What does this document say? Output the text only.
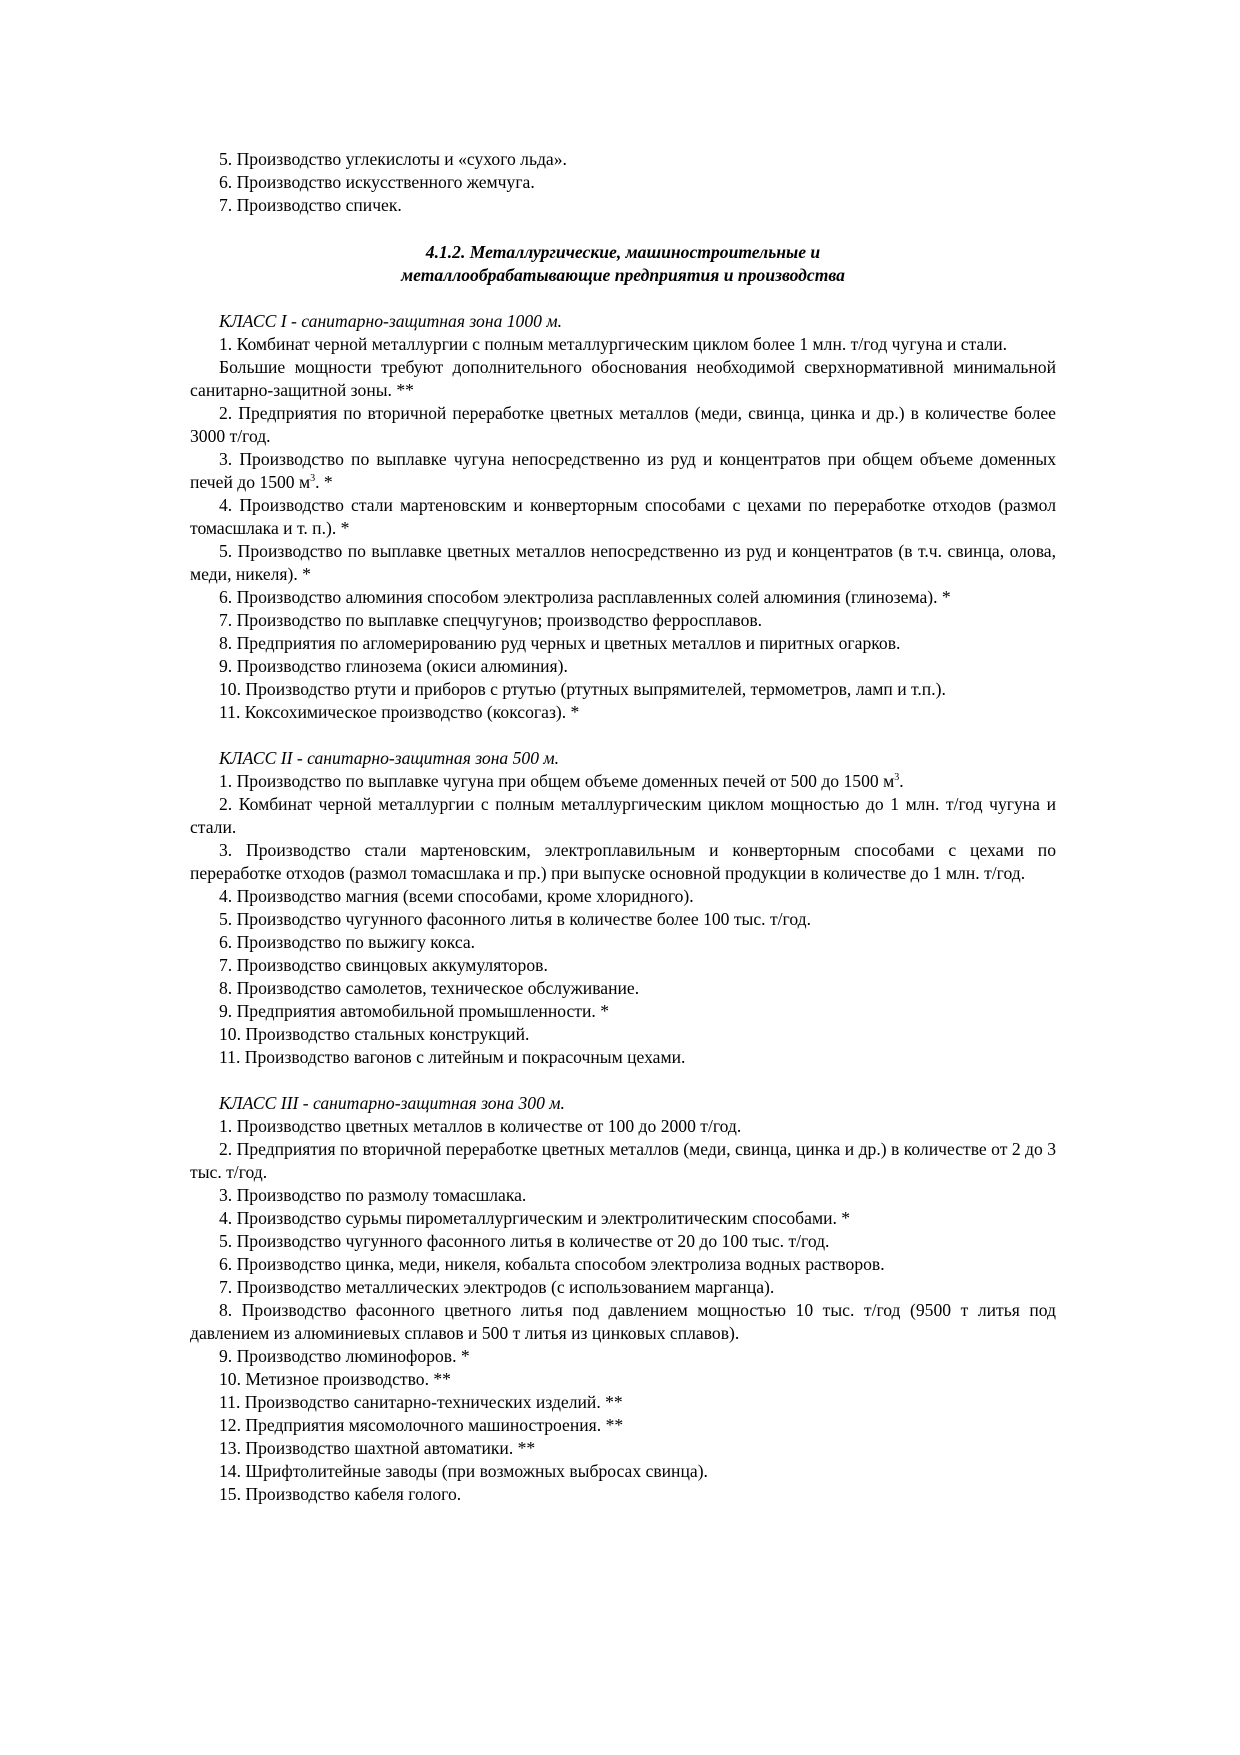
5. Производство углекислоты и «сухого льда».

6. Производство искусственного жемчуга.

7. Производство спичек.

4.1.2. Металлургические, машиностроительные и
металлообрабатывающие предприятия и производства

КЛАСС I - санитарно-защитная зона 1000 м.

1. Комбинат черной металлургии с полным металлургическим циклом более 1 млн. т/год чугуна и стали.

Большие мощности требуют дополнительного обоснования необходимой сверхнормативной минимальной санитарно-защитной зоны. **

2. Предприятия по вторичной переработке цветных металлов (меди, свинца, цинка и др.) в количестве более 3000 т/год.

3. Производство по выплавке чугуна непосредственно из руд и концентратов при общем объеме доменных печей до 1500 $м^3$. *

4. Производство стали мартеновским и конверторным способами с цехами по переработке отходов (размол томасшлака и т. п.). *

5. Производство по выплавке цветных металлов непосредственно из руд и концентратов (в т.ч. свинца, олова, меди, никеля). *

6. Производство алюминия способом электролиза расплавленных солей алюминия (глинозема). *

7. Производство по выплавке спецчугунов; производство ферросплавов.

8. Предприятия по агломерированию руд черных и цветных металлов и пиритных огарков.

9. Производство глинозема (окиси алюминия).

10. Производство ртути и приборов с ртутью (ртутных выпрямителей, термометров, ламп и т.п.).

11. Коксохимическое производство (коксогаз). *

КЛАСС II - санитарно-защитная зона 500 м.

1. Производство по выплавке чугуна при общем объеме доменных печей от 500 до 1500 $м^3$.

2. Комбинат черной металлургии с полным металлургическим циклом мощностью до 1 млн. т/год чугуна и стали.

3. Производство стали мартеновским, электроплавильным и конверторным способами с цехами по переработке отходов (размол томасшлака и пр.) при выпуске основной продукции в количестве до 1 млн. т/год.

4. Производство магния (всеми способами, кроме хлоридного).

5. Производство чугунного фасонного литья в количестве более 100 тыс. т/год.

6. Производство по выжигу кокса.

7. Производство свинцовых аккумуляторов.

8. Производство самолетов, техническое обслуживание.

9. Предприятия автомобильной промышленности. *

10. Производство стальных конструкций.

11. Производство вагонов с литейным и покрасочным цехами.

КЛАСС III - санитарно-защитная зона 300 м.

1. Производство цветных металлов в количестве от 100 до 2000 т/год.

2. Предприятия по вторичной переработке цветных металлов (меди, свинца, цинка и др.) в количестве от 2 до 3 тыс. т/год.

3. Производство по размолу томасшлака.

4. Производство сурьмы пирометаллургическим и электролитическим способами. *

5. Производство чугунного фасонного литья в количестве от 20 до 100 тыс. т/год.

6. Производство цинка, меди, никеля, кобальта способом электролиза водных растворов.

7. Производство металлических электродов (с использованием марганца).

8. Производство фасонного цветного литья под давлением мощностью 10 тыс. т/год (9500 т литья под давлением из алюминиевых сплавов и 500 т литья из цинковых сплавов).

9. Производство люминофоров. *

10. Метизное производство. **

11. Производство санитарно-технических изделий. **

12. Предприятия мясомолочного машиностроения. **

13. Производство шахтной автоматики. **

14. Шрифтолитейные заводы (при возможных выбросах свинца).

15. Производство кабеля голого.
